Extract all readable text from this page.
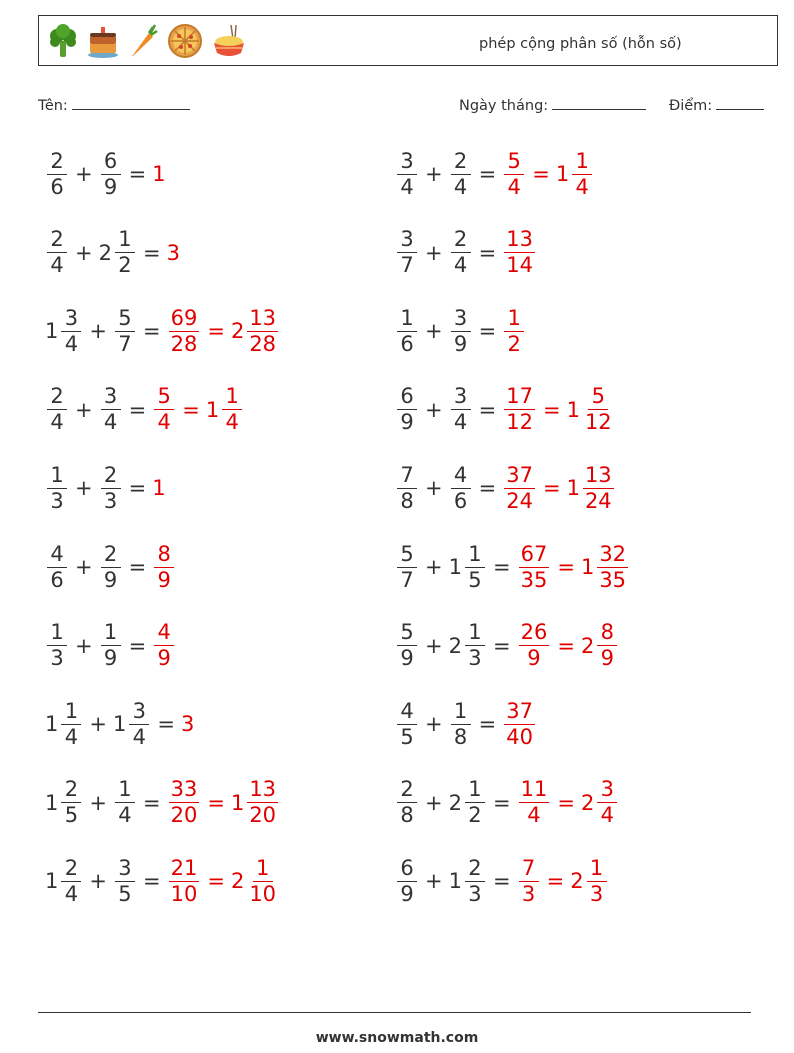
phép cộng phân số (hỗn số)
Tên:	Ngày tháng:	Điểm:
$\frac{2}{6} + \frac{6}{9} = 1$	$\frac{3}{4} + \frac{2}{4} = \frac{5}{4} = 1 \frac{1}{4}$
$\frac{2}{4} + 2 \frac{1}{2} = 3$	$\frac{3}{7} + \frac{2}{4} = \frac{13}{14}$
$1 \frac{3}{4} + \frac{5}{7} = \frac{69}{28} = 2 \frac{13}{28}$	$\frac{1}{6} + \frac{3}{9} = \frac{1}{2}$
$\frac{2}{4} + \frac{3}{4} = \frac{5}{4} = 1 \frac{1}{4}$	$\frac{6}{9} + \frac{3}{4} = \frac{17}{12} = 1 \frac{5}{12}$
$\frac{1}{3} + \frac{2}{3} = 1$	$\frac{7}{8} + \frac{4}{6} = \frac{37}{24} = 1 \frac{13}{24}$
$\frac{4}{6} + \frac{2}{9} = \frac{8}{9}$	$\frac{5}{7} + 1 \frac{1}{5} = \frac{67}{35} = 1 \frac{32}{35}$
$\frac{1}{3} + \frac{1}{9} = \frac{4}{9}$	$\frac{5}{9} + 2 \frac{1}{3} = \frac{26}{9} = 2 \frac{8}{9}$
$1 \frac{1}{4} + 1 \frac{3}{4} = 3$	$\frac{4}{5} + \frac{1}{8} = \frac{37}{40}$
$1 \frac{2}{5} + \frac{1}{4} = \frac{33}{20} = 1 \frac{13}{20}$	$\frac{2}{8} + 2 \frac{1}{2} = \frac{11}{4} = 2 \frac{3}{4}$
$1 \frac{2}{4} + \frac{3}{5} = \frac{21}{10} = 2 \frac{1}{10}$	$\frac{6}{9} + 1 \frac{2}{3} = \frac{7}{3} = 2 \frac{1}{3}$
www.snowmath.com
